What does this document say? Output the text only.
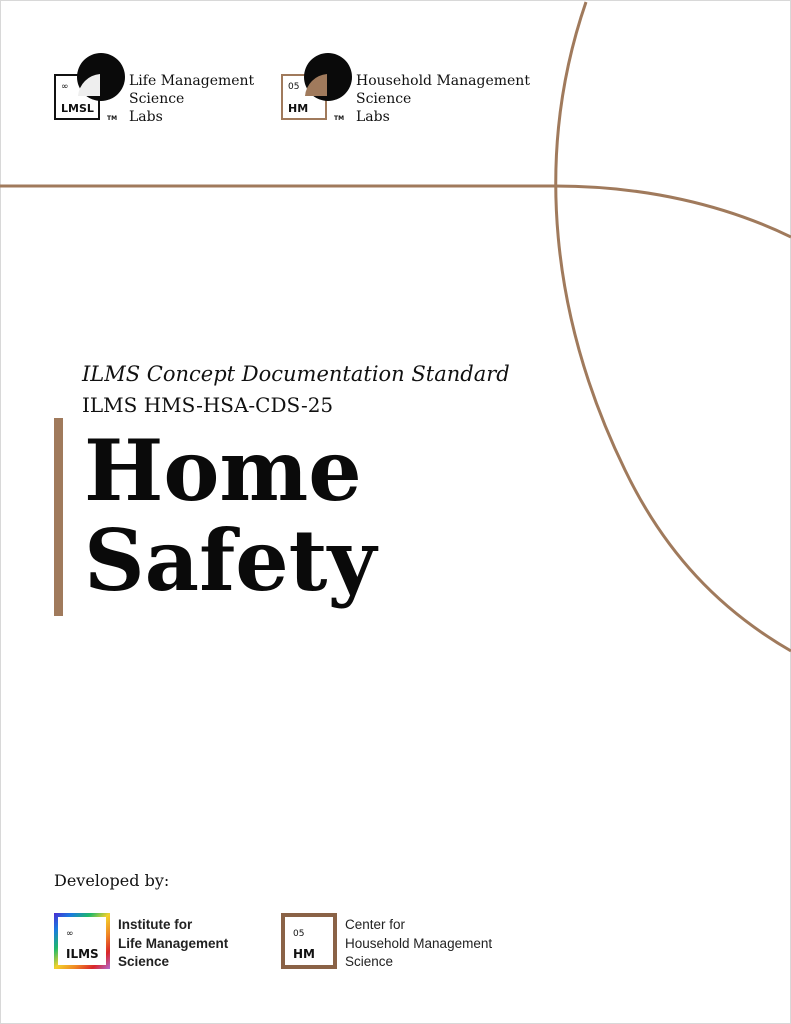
∞
LMSL
TM
Life Management
Science
Labs
05
HM
TM
Household Management
Science
Labs
ILMS Concept Documentation Standard
ILMS HMS-HSA-CDS-25
Home
Safety
Developed by:
∞
ILMS
Institute for
Life Management
Science
05
HM
Center for
Household Management
Science
